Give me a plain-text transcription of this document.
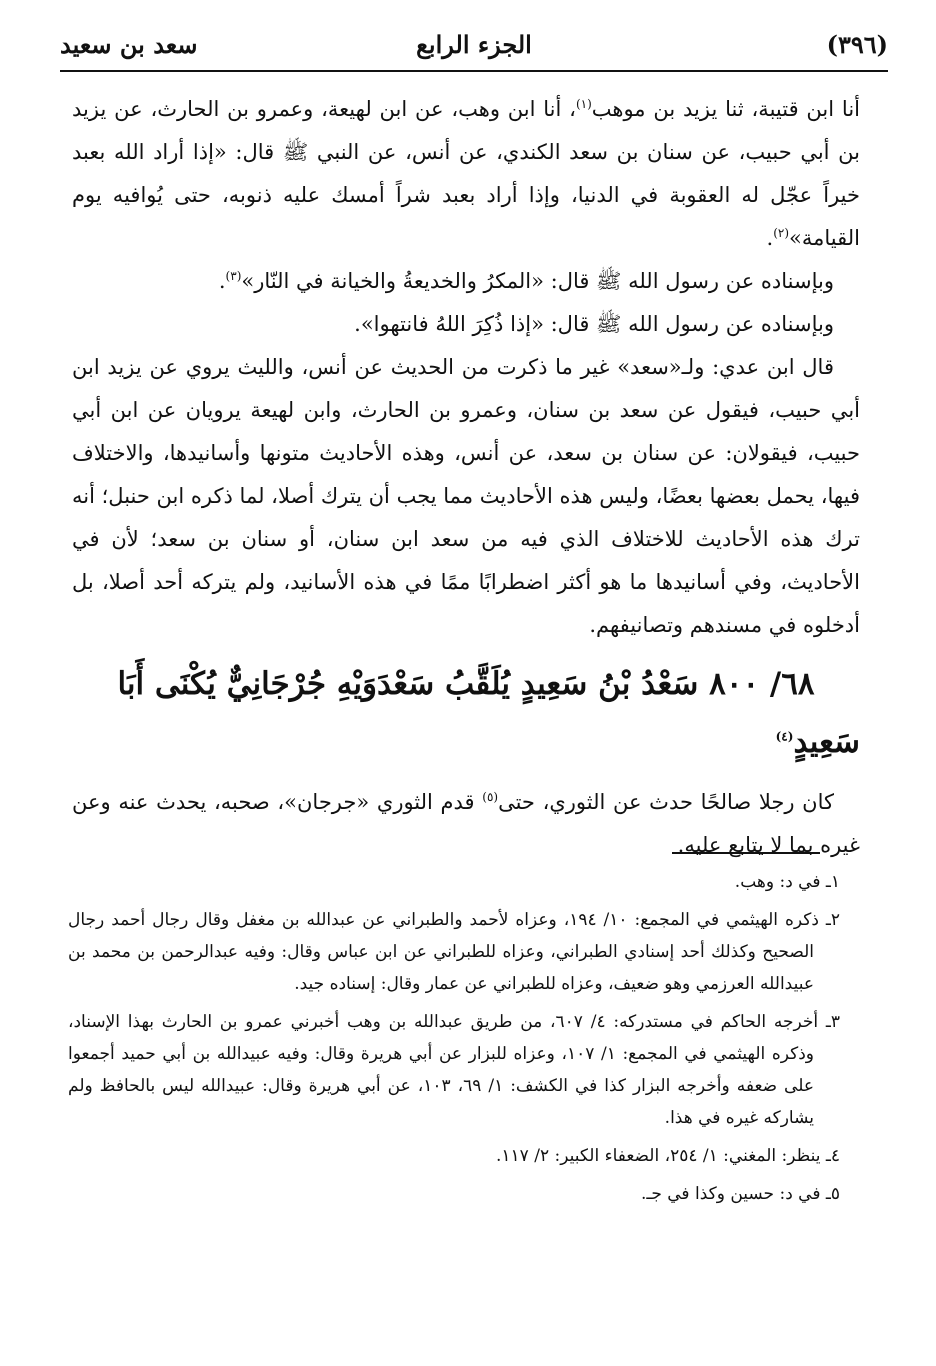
(٣٩٦)
الجزء الرابع
سعد بن سعيد

أنا ابن قتيبة، ثنا يزيد بن موهب$^{(١)}$، أنا ابن وهب، عن ابن لهيعة، وعمرو بن الحارث، عن يزيد بن أبي حبيب، عن سنان بن سعد الكندي، عن أنس، عن النبي ﷺ قال: «إذا أراد الله بعبد خيراً عجّل له العقوبة في الدنيا، وإذا أراد بعبد شراً أمسك عليه ذنوبه، حتى يُوافيه يوم القيامة»$^{(٢)}$.

وبإسناده عن رسول الله ﷺ قال: «المكرُ والخديعةُ والخيانة في النّار»$^{(٣)}$.

وبإسناده عن رسول الله ﷺ قال: «إذا ذُكِرَ اللهُ فانتهوا».

قال ابن عدي: ولـ«سعد» غير ما ذكرت من الحديث عن أنس، والليث يروي عن يزيد ابن أبي حبيب، فيقول عن سعد بن سنان، وعمرو بن الحارث، وابن لهيعة يرويان عن ابن أبي حبيب، فيقولان: عن سنان بن سعد، عن أنس، وهذه الأحاديث متونها وأسانيدها، والاختلاف فيها، يحمل بعضها بعضًا، وليس هذه الأحاديث مما يجب أن يترك أصلا، لما ذكره ابن حنبل؛ أنه ترك هذه الأحاديث للاختلاف الذي فيه من سعد ابن سنان، أو سنان بن سعد؛ لأن في الأحاديث، وفي أسانيدها ما هو أكثر اضطرابًا ممًا في هذه الأسانيد، ولم يتركه أحد أصلا، بل أدخلوه في مسندهم وتصانيفهم.

٦٨/ ٨٠٠ سَعْدُ بْنُ سَعِيدٍ يُلَقَّبُ سَعْدَوَيْهِ جُرْجَانِيٌّ يُكْنَى أَبَا سَعِيدٍ$^{(٤)}$

كان رجلا صالحًا حدث عن الثوري، حتى$^{(٥)}$ قدم الثوري «جرجان»، صحبه، يحدث عنه وعن غيره بما لا يتابع عليه.

١ـ في د: وهب.

٢ـ ذكره الهيثمي في المجمع: ١٠/ ١٩٤، وعزاه لأحمد والطبراني عن عبدالله بن مغفل وقال رجال أحمد رجال الصحيح وكذلك أحد إسنادي الطبراني، وعزاه للطبراني عن ابن عباس وقال: وفيه عبدالرحمن بن محمد بن عبيدالله العرزمي وهو ضعيف، وعزاه للطبراني عن عمار وقال: إسناده جيد.

٣ـ أخرجه الحاكم في مستدركه: ٤/ ٦٠٧، من طريق عبدالله بن وهب أخبرني عمرو بن الحارث بهذا الإسناد، وذكره الهيثمي في المجمع: ١/ ١٠٧، وعزاه للبزار عن أبي هريرة وقال: وفيه عبيدالله بن أبي حميد أجمعوا على ضعفه وأخرجه البزار كذا في الكشف: ١/ ٦٩، ١٠٣، عن أبي هريرة وقال: عبيدالله ليس بالحافظ ولم يشاركه غيره في هذا.

٤ـ ينظر: المغني: ١/ ٢٥٤، الضعفاء الكبير: ٢/ ١١٧.

٥ـ في د: حسين وكذا في جـ.
